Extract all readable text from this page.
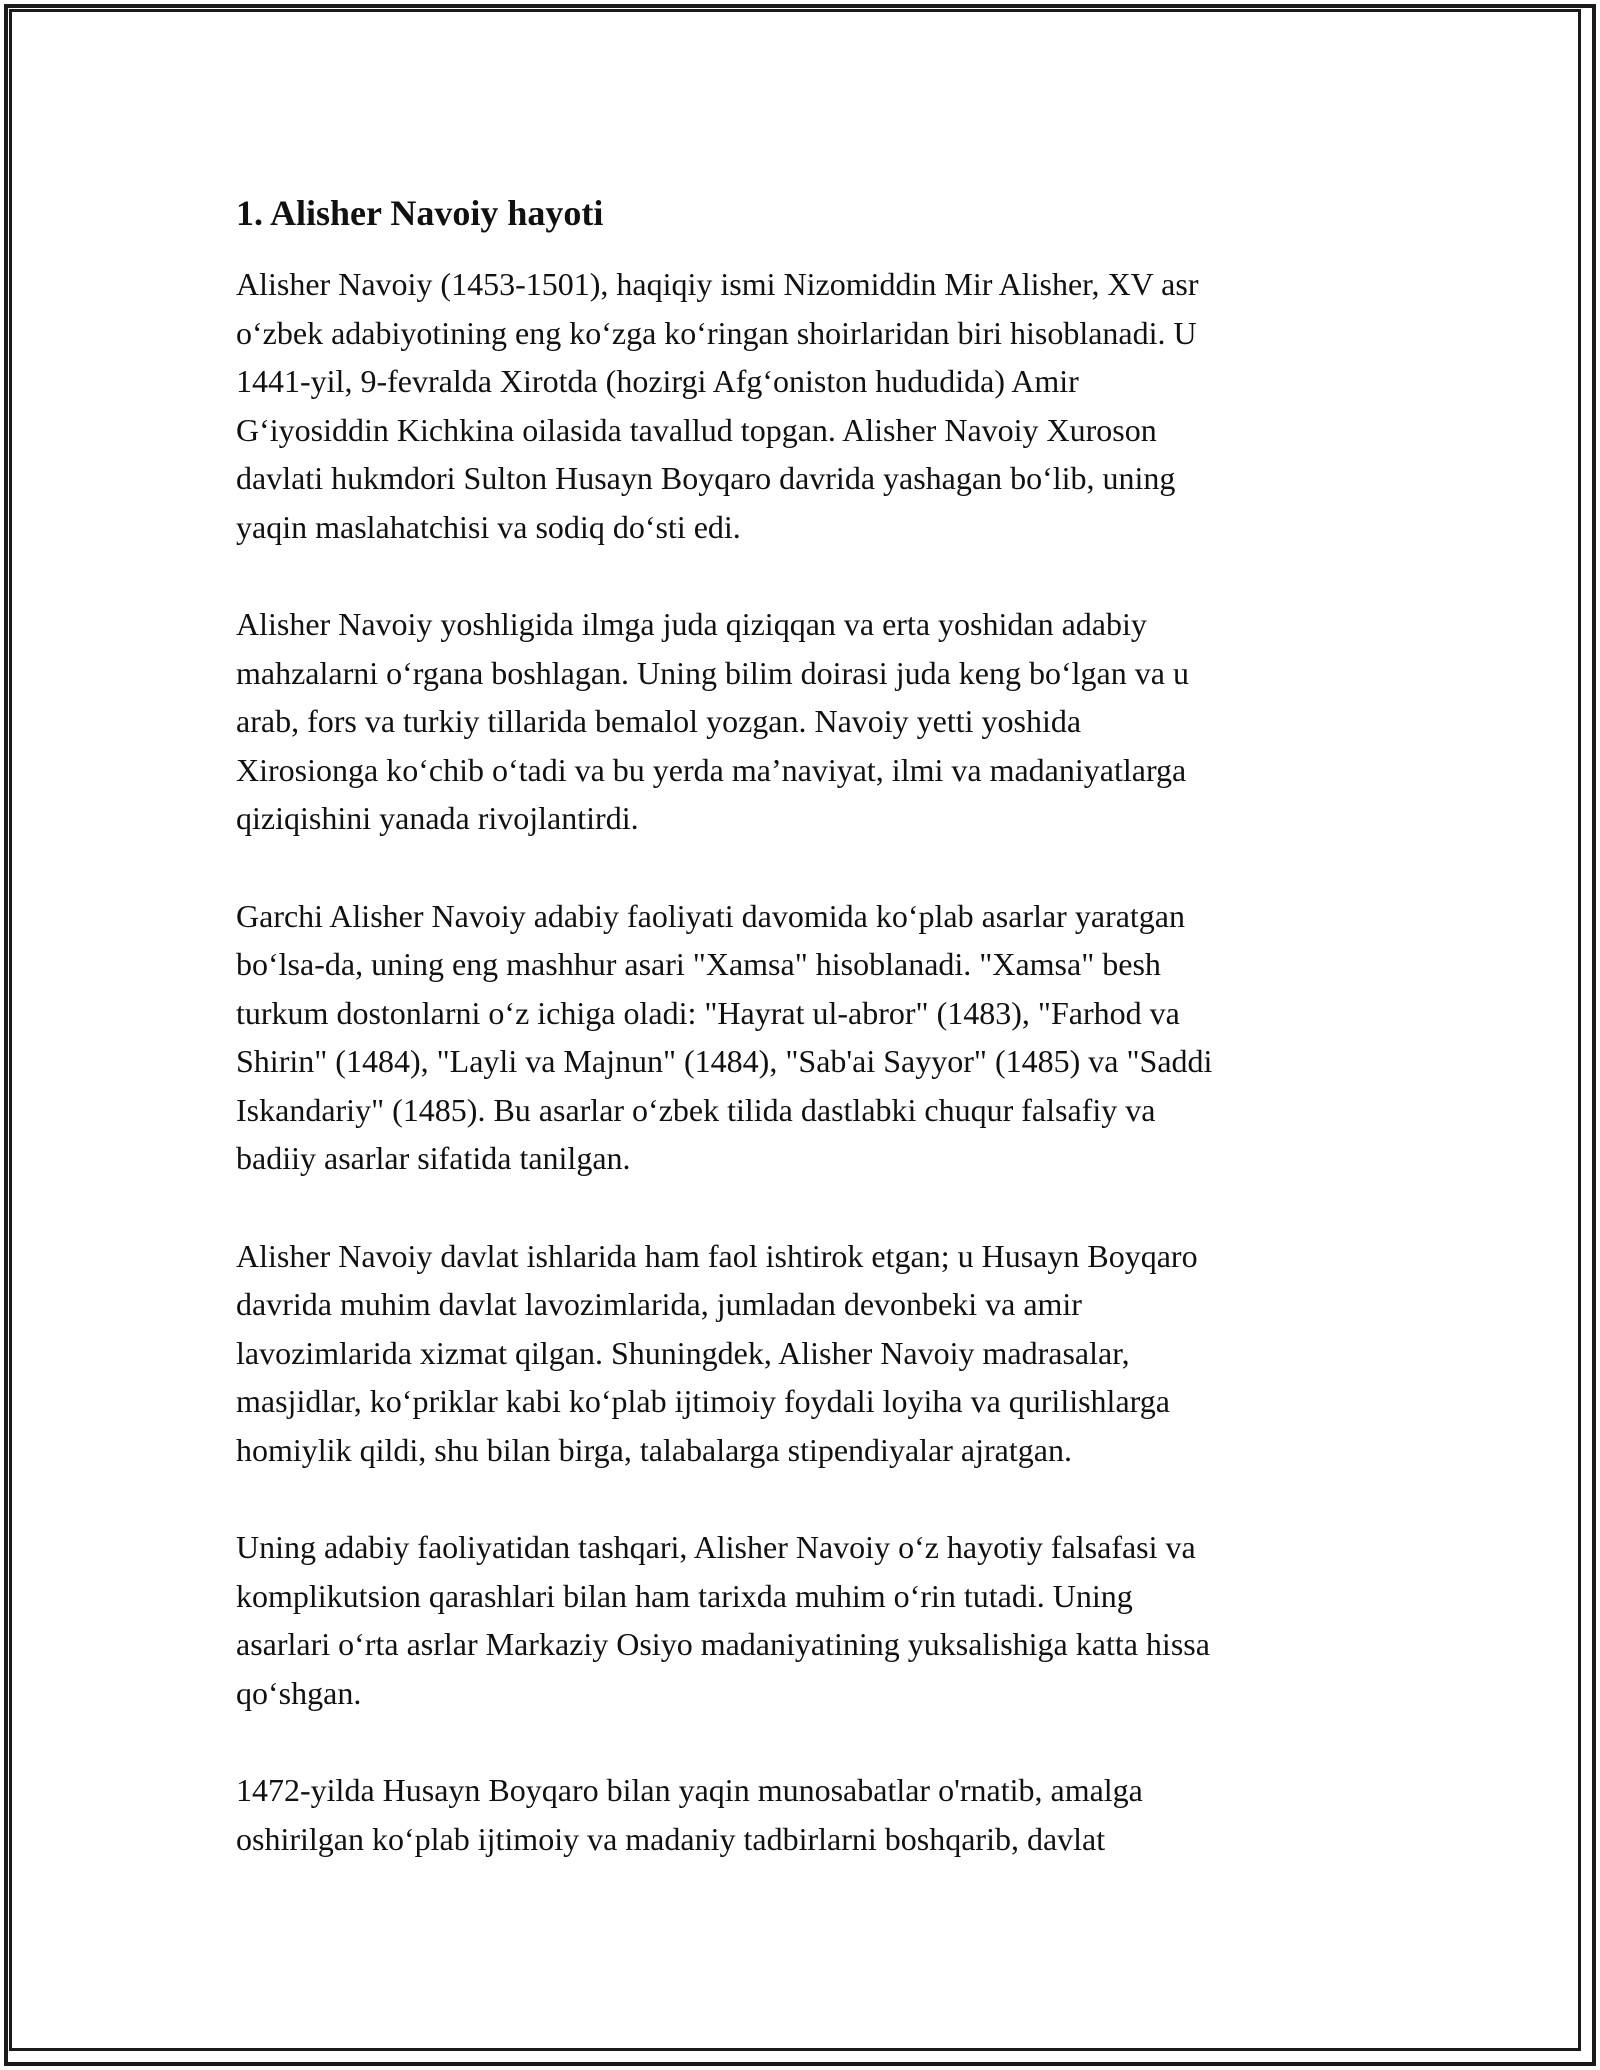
1. Alisher Navoiy hayoti

Alisher Navoiy (1453-1501), haqiqiy ismi Nizomiddin Mir Alisher, XV asr
o‘zbek adabiyotining eng ko‘zga ko‘ringan shoirlaridan biri hisoblanadi. U
1441-yil, 9-fevralda Xirotda (hozirgi Afg‘oniston hududida) Amir
G‘iyosiddin Kichkina oilasida tavallud topgan. Alisher Navoiy Xuroson
davlati hukmdori Sulton Husayn Boyqaro davrida yashagan bo‘lib, uning
yaqin maslahatchisi va sodiq do‘sti edi.

Alisher Navoiy yoshligida ilmga juda qiziqqan va erta yoshidan adabiy
mahzalarni o‘rgana boshlagan. Uning bilim doirasi juda keng bo‘lgan va u
arab, fors va turkiy tillarida bemalol yozgan. Navoiy yetti yoshida
Xirosionga ko‘chib o‘tadi va bu yerda ma’naviyat, ilmi va madaniyatlarga
qiziqishini yanada rivojlantirdi.

Garchi Alisher Navoiy adabiy faoliyati davomida ko‘plab asarlar yaratgan
bo‘lsa-da, uning eng mashhur asari "Xamsa" hisoblanadi. "Xamsa" besh
turkum dostonlarni o‘z ichiga oladi: "Hayrat ul-abror" (1483), "Farhod va
Shirin" (1484), "Layli va Majnun" (1484), "Sab'ai Sayyor" (1485) va "Saddi
Iskandariy" (1485). Bu asarlar o‘zbek tilida dastlabki chuqur falsafiy va
badiiy asarlar sifatida tanilgan.

Alisher Navoiy davlat ishlarida ham faol ishtirok etgan; u Husayn Boyqaro
davrida muhim davlat lavozimlarida, jumladan devonbeki va amir
lavozimlarida xizmat qilgan. Shuningdek, Alisher Navoiy madrasalar,
masjidlar, ko‘priklar kabi ko‘plab ijtimoiy foydali loyiha va qurilishlarga
homiylik qildi, shu bilan birga, talabalarga stipendiyalar ajratgan.

Uning adabiy faoliyatidan tashqari, Alisher Navoiy o‘z hayotiy falsafasi va
komplikutsion qarashlari bilan ham tarixda muhim o‘rin tutadi. Uning
asarlari o‘rta asrlar Markaziy Osiyo madaniyatining yuksalishiga katta hissa
qo‘shgan.

1472-yilda Husayn Boyqaro bilan yaqin munosabatlar o'rnatib, amalga
oshirilgan ko‘plab ijtimoiy va madaniy tadbirlarni boshqarib, davlat
